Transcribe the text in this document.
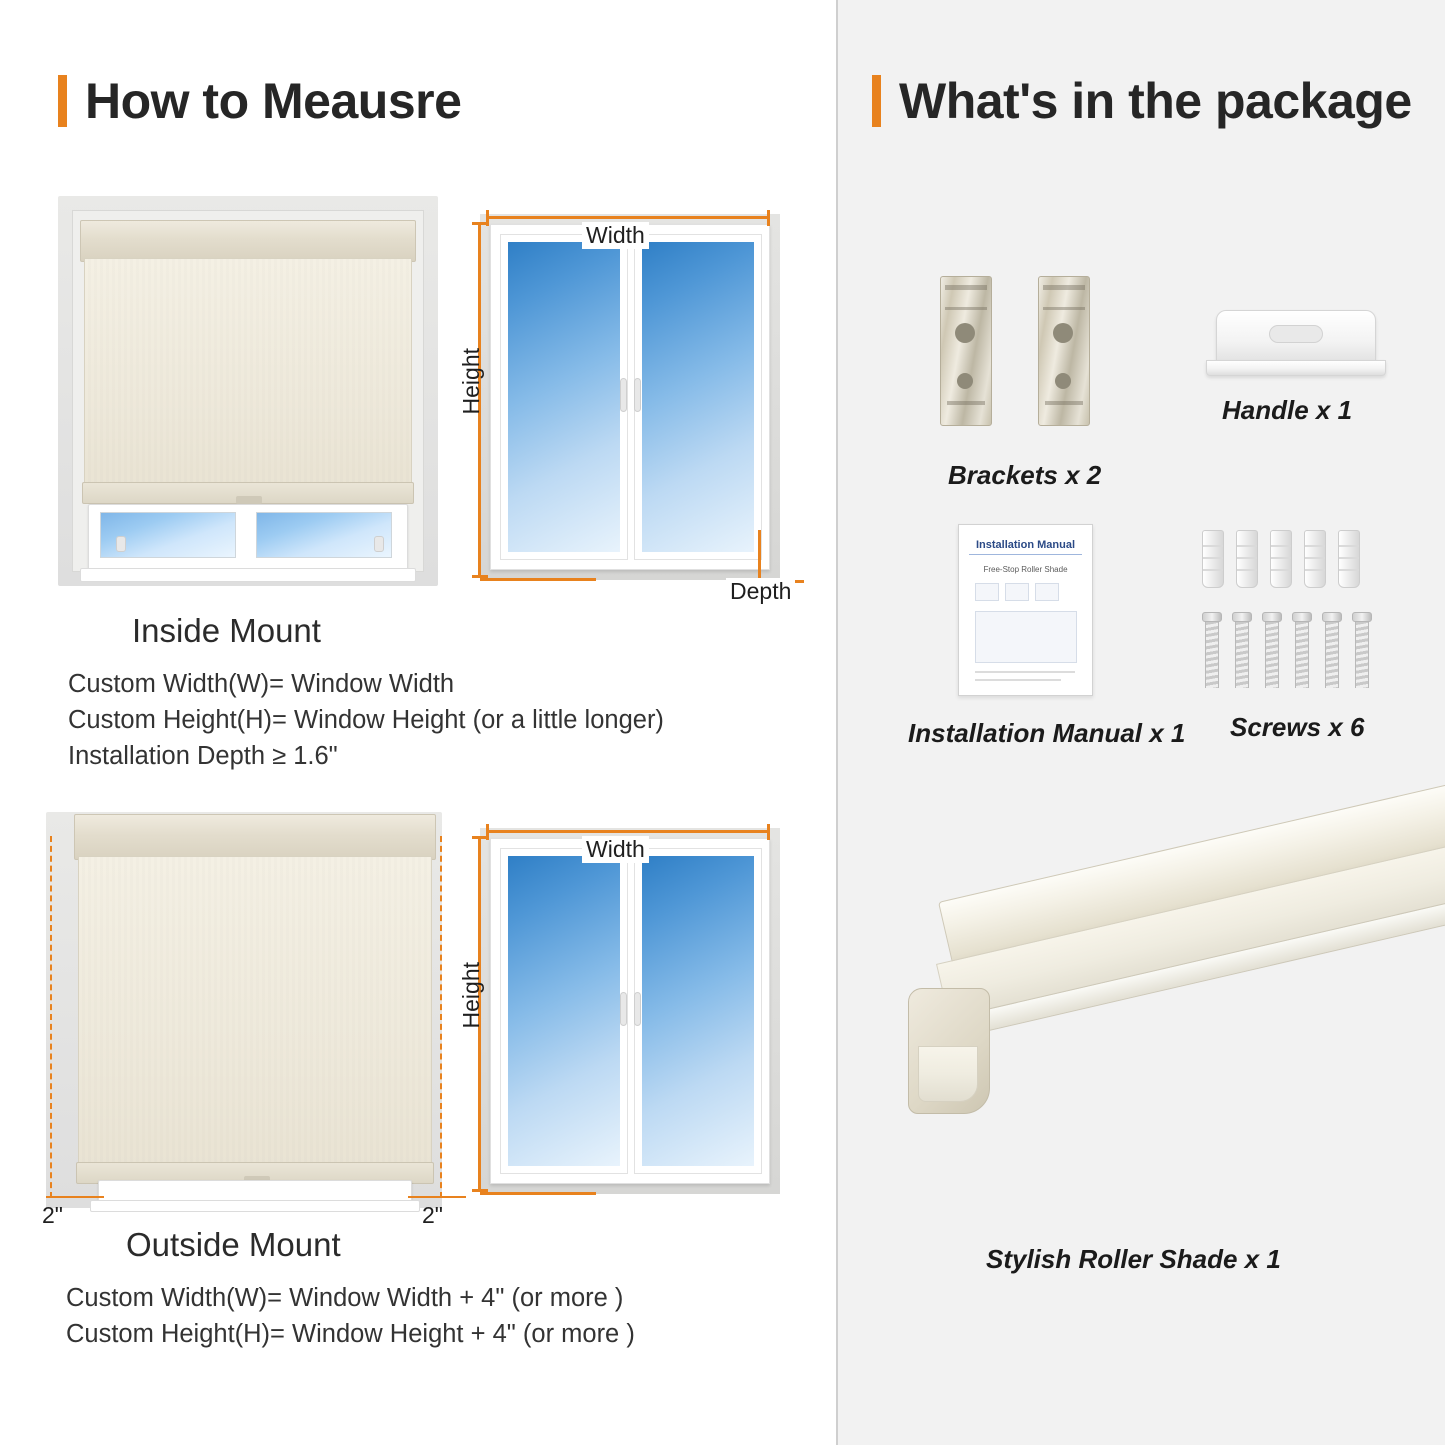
How to Meausre
Width
Height
Depth
Inside Mount
Custom Width(W)= Window Width
Custom Height(H)= Window Height (or a little longer)
Installation Depth ≥ 1.6"
2"	2"
Width
Height
Outside Mount
Custom Width(W)= Window Width + 4" (or more )
Custom Height(H)= Window Height + 4" (or more )
What's in the package
Brackets x 2
Handle x 1
Installation Manual
Free-Stop Roller Shade
Installation Manual x 1 Screws x 6
Stylish Roller Shade x 1
